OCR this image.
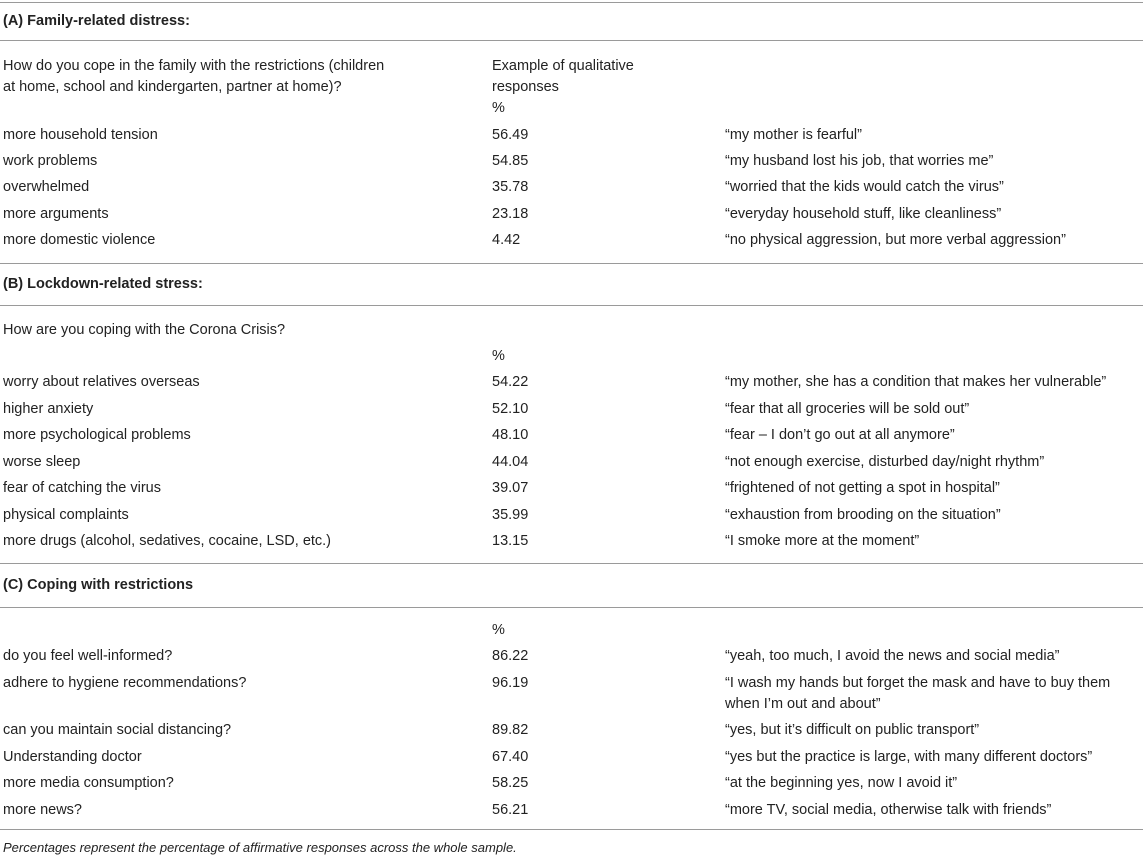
(A) Family-related distress:
How do you cope in the family with the restrictions (children
at home, school and kindergarten, partner at home)?
Example of qualitative
responses
%
more household tension	56.49	“my mother is fearful”
work problems	54.85	“my husband lost his job, that worries me”
overwhelmed	35.78	“worried that the kids would catch the virus”
more arguments	23.18	“everyday household stuff, like cleanliness”
more domestic violence	4.42	“no physical aggression, but more verbal aggression”
(B) Lockdown-related stress:
How are you coping with the Corona Crisis?
%
worry about relatives overseas	54.22	“my mother, she has a condition that makes her vulnerable”
higher anxiety	52.10	“fear that all groceries will be sold out”
more psychological problems	48.10	“fear – I don’t go out at all anymore”
worse sleep	44.04	“not enough exercise, disturbed day/night rhythm”
fear of catching the virus	39.07	“frightened of not getting a spot in hospital”
physical complaints	35.99	“exhaustion from brooding on the situation”
more drugs (alcohol, sedatives, cocaine, LSD, etc.)	13.15	“I smoke more at the moment”
(C) Coping with restrictions
%
do you feel well-informed?	86.22	“yeah, too much, I avoid the news and social media”
adhere to hygiene recommendations?	96.19	“I wash my hands but forget the mask and have to buy them
when I’m out and about”
can you maintain social distancing?	89.82	“yes, but it’s difficult on public transport”
Understanding doctor	67.40	“yes but the practice is large, with many different doctors”
more media consumption?	58.25	“at the beginning yes, now I avoid it”
more news?	56.21	“more TV, social media, otherwise talk with friends”
Percentages represent the percentage of affirmative responses across the whole sample.
